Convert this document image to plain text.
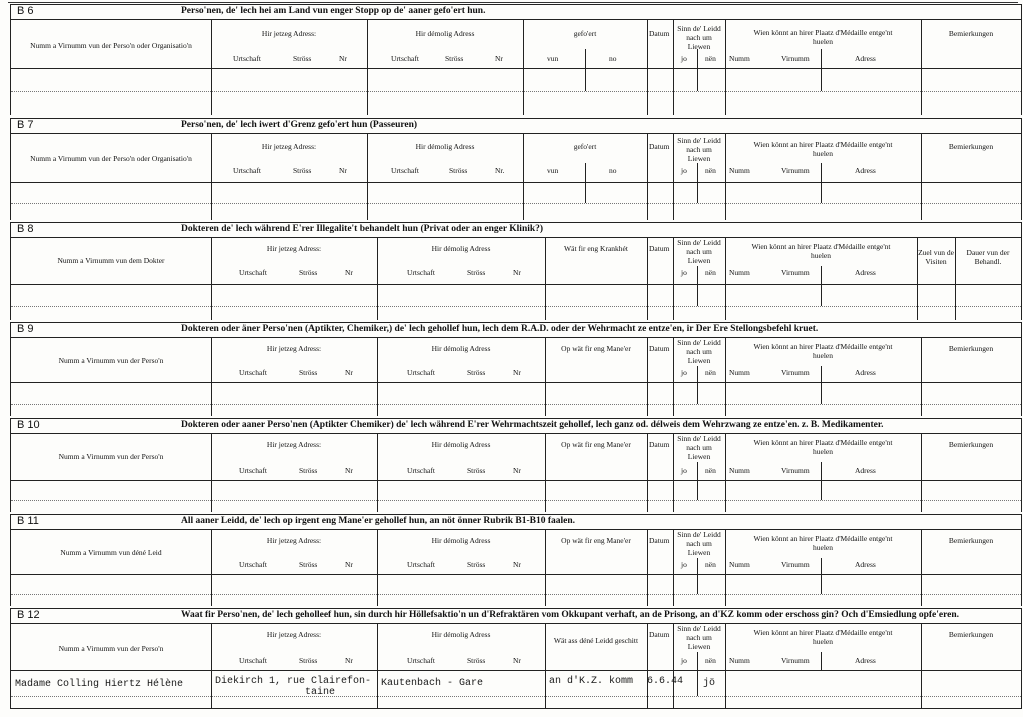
B 6	Perso'nen, de' lech hei am Land vun enger Stopp op de' aaner gefo'ert hun.
Numm a Virnumm vun der Perso'n oder Organisatio'n
Hir jetzeg Adress:
Urtschaft	Ströss	Nr
Hir démolig Adress
Urtschaft	Ströss	Nr
gefo'ert
vun	no
Datum
Sinn de' Leidd nach um Liewen
jo nën
Wien könnt an hirer Plaatz d'Médaille entge'nt huelen
Numm	Virnumm	Adress
Bemierkungen
B 7	Perso'nen, de' lech iwert d'Grenz gefo'ert hun (Passeuren)
Numm a Virnumm vun der Perso'n oder Organisatio'n
Hir jetzeg Adress:
Urtschaft	Ströss	Nr
Hir démolig Adress
Urtschaft	Ströss	Nr.
gefo'ert
vun	no
Datum
Sinn de' Leidd nach um Liewen
jo nën
Wien könnt an hirer Plaatz d'Médaille entge'nt huelen
Numm	Virnumm	Adress
Bemierkungen
B 8	Dokteren de' lech während E'rer Illegalite't behandelt hun (Privat oder an enger Klinik?)
Numm a Virnumm vun dem Dokter
Hir jetzeg Adress:
Urtschaft	Ströss	Nr
Hir démolig Adress
Urtschaft	Ströss	Nr
Wät fir eng Krankhét	Datum
Sinn de' Leidd nach um Liewen
jo nën
Wien könnt an hirer Plaatz d'Médaille entge'nt huelen
Numm	Virnumm	Adress
Zuel vun de Visiten
Dauer vun der Behandl.
B 9	Dokteren oder äner Perso'nen (Aptikter, Chemiker,) de' lech gehollef hun, lech dem R.A.D. oder der Wehrmacht ze entze'en, ir Der Ere Stellongsbefehl kruet.
Numm a Virnumm vun der Perso'n
Hir jetzeg Adress:
Urtschaft	Ströss	Nr
Hir démolig Adress
Urtschaft	Ströss	Nr
Op wät fir eng Mane'er	Datum
Sinn de' Leidd nach um Liewen
jo nën
Wien könnt an hirer Plaatz d'Médaille entge'nt huelen
Numm	Virnumm	Adress
Bemierkungen
B 10	Dokteren oder aaner Perso'nen (Aptikter Chemiker) de' lech während E'rer Wehrmachtszeit gehollef, lech ganz od. délweis dem Wehrzwang ze entze'en. z. B. Medikamenter.
Numm a Virnumm vun der Perso'n
Hir jetzeg Adress:
Urtschaft	Ströss	Nr
Hir démolig Adress
Urtschaft	Ströss	Nr
Op wät fir eng Mane'er	Datum
Sinn de' Leidd nach um Liewen
jo nën
Wien könnt an hirer Plaatz d'Médaille entge'nt huelen
Numm	Virnumm	Adress
Bemierkungen
B 11	All aaner Leidd, de' lech op irgent eng Mane'er gehollef hun, an nöt önner Rubrik B1-B10 faalen.
Numm a Virnumm vun déné Leid
Hir jetzeg Adress:
Urtschaft	Ströss	Nr
Hir démolig Adress
Urtschaft	Ströss	Nr
Op wät fir eng Mane'er	Datum
Sinn de' Leidd nach um Liewen
jo nën
Wien könnt an hirer Plaatz d'Médaille entge'nt huelen
Numm	Virnumm	Adress
Bemierkungen
B 12	Waat fir Perso'nen, de' lech geholleef hun, sin durch hir Höllefsaktio'n un d'Refraktären vom Okkupant verhaft, an de Prisong, an d'KZ komm oder erschoss gin? Och d'Emsiedlung opfe'eren.
Numm a Virnumm vun der Perso'n
Hir jetzeg Adress:
Urtschaft	Ströss	Nr
Hir démolig Adress
Urtschaft	Ströss	Nr
Wät ass déné Leidd geschitt
Datum
Sinn de' Leidd nach um Liewen
jo nën
Wien könnt an hirer Plaatz d'Médaille entge'nt huelen
Numm	Virnumm	Adress
Bemierkungen
Madame Colling Hiertz Hélène	Diekirch 1, rue Clairefon-
taine
Kautenbach - Gare	an d'K.Z. komm 6.6.44 jö
